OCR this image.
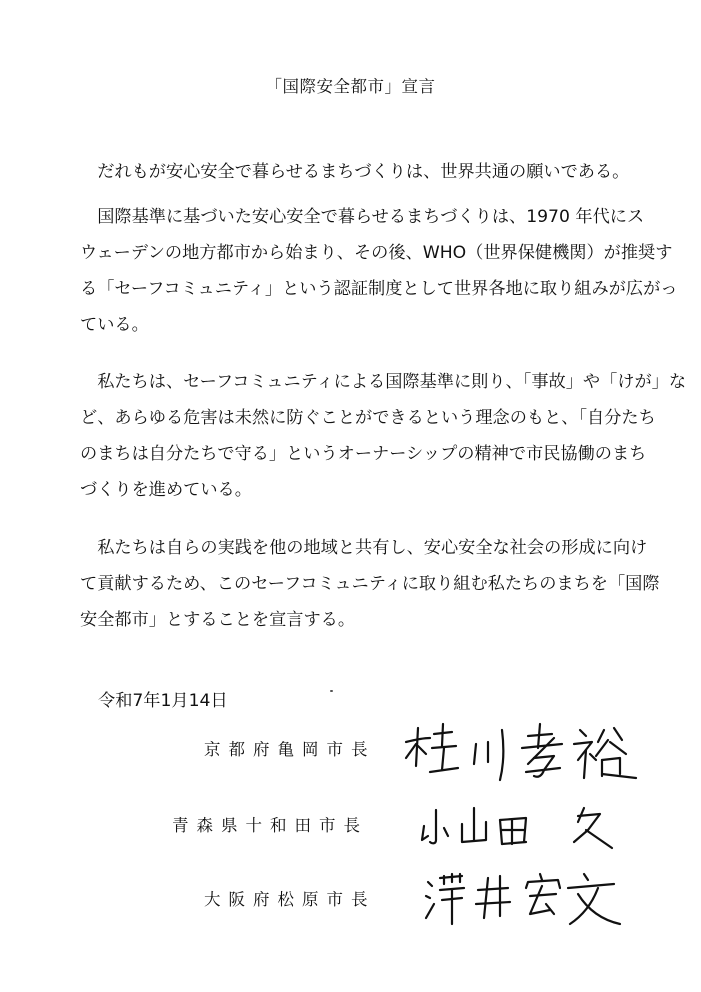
「国際安全都市」宣言
　だれもが安心安全で暮らせるまちづくりは、世界共通の願いである。
　国際基準に基づいた安心安全で暮らせるまちづくりは、1970 年代にス
ウェーデンの地方都市から始まり、その後、WHO（世界保健機関）が推奨す
る「セーフコミュニティ」という認証制度として世界各地に取り組みが広がっ
ている。
　私たちは、セーフコミュニティによる国際基準に則り、「事故」や「けが」な
ど、あらゆる危害は未然に防ぐことができるという理念のもと、「自分たち
のまちは自分たちで守る」というオーナーシップの精神で市民協働のまち
づくりを進めている。
　私たちは自らの実践を他の地域と共有し、安心安全な社会の形成に向け
て貢献するため、このセーフコミュニティに取り組む私たちのまちを「国際
安全都市」とすることを宣言する。
令和7年1月14日
京都府亀岡市長
青森県十和田市長
大阪府松原市長
